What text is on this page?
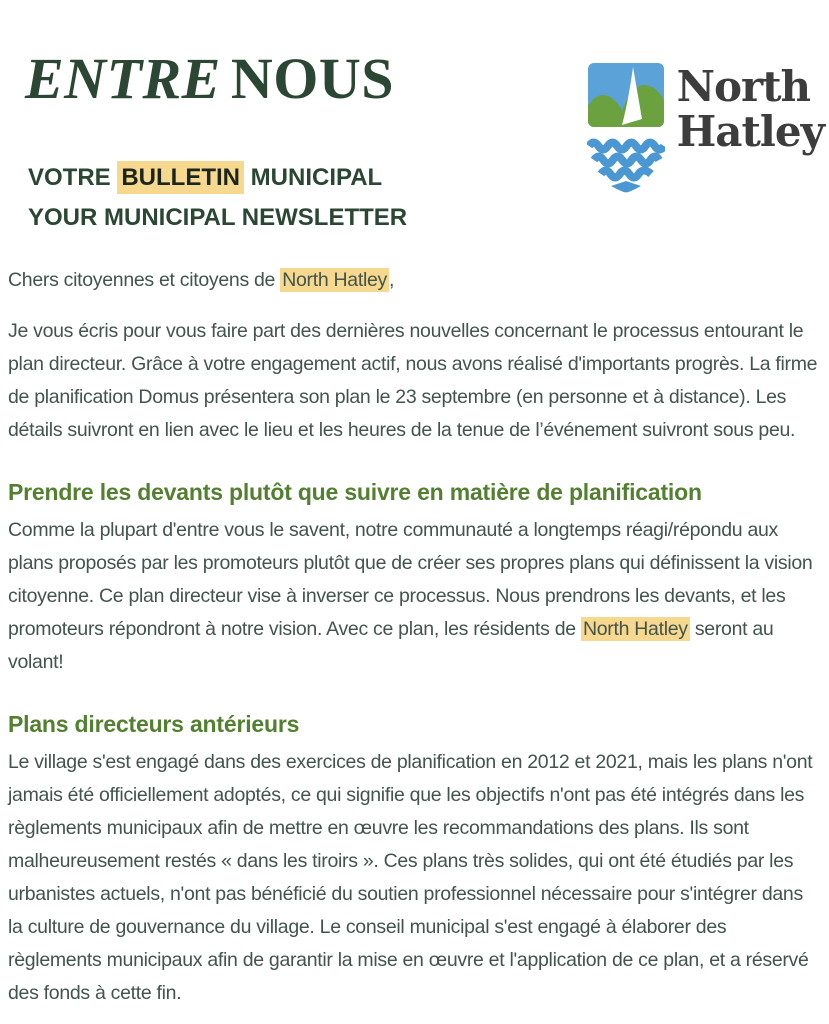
ENTRE NOUS	North
Hatley
VOTRE BULLETIN MUNICIPAL
YOUR MUNICIPAL NEWSLETTER

Chers citoyennes et citoyens de North Hatley ,

Je vous écris pour vous faire part des dernières nouvelles concernant le processus entourant le plan directeur. Grâce à votre engagement actif, nous avons réalisé d'importants progrès. La firme de planification Domus présentera son plan le 23 septembre (en personne et à distance). Les détails suivront en lien avec le lieu et les heures de la tenue de l’événement suivront sous peu.

Prendre les devants plutôt que suivre en matière de planification

Comme la plupart d'entre vous le savent, notre communauté a longtemps réagi/⁠répondu aux plans proposés par les promoteurs plutôt que de créer ses propres plans qui définissent la vision citoyenne. Ce plan directeur vise à inverser ce processus. Nous prendrons les devants, et les promoteurs répondront à notre vision. Avec ce plan, les résidents de North Hatley seront au volant!

Plans directeurs antérieurs

Le village s'est engagé dans des exercices de planification en 2012 et 2021, mais les plans n'ont jamais été officiellement adoptés, ce qui signifie que les objectifs n'ont pas été intégrés dans les règlements municipaux afin de mettre en œuvre les recommandations des plans. Ils sont malheureusement restés « dans les tiroirs ». Ces plans très solides, qui ont été étudiés par les urbanistes actuels, n'ont pas bénéficié du soutien professionnel nécessaire pour s'intégrer dans la culture de gouvernance du village. Le conseil municipal s'est engagé à élaborer des règlements municipaux afin de garantir la mise en œuvre et l'application de ce plan, et a réservé des fonds à cette fin.
